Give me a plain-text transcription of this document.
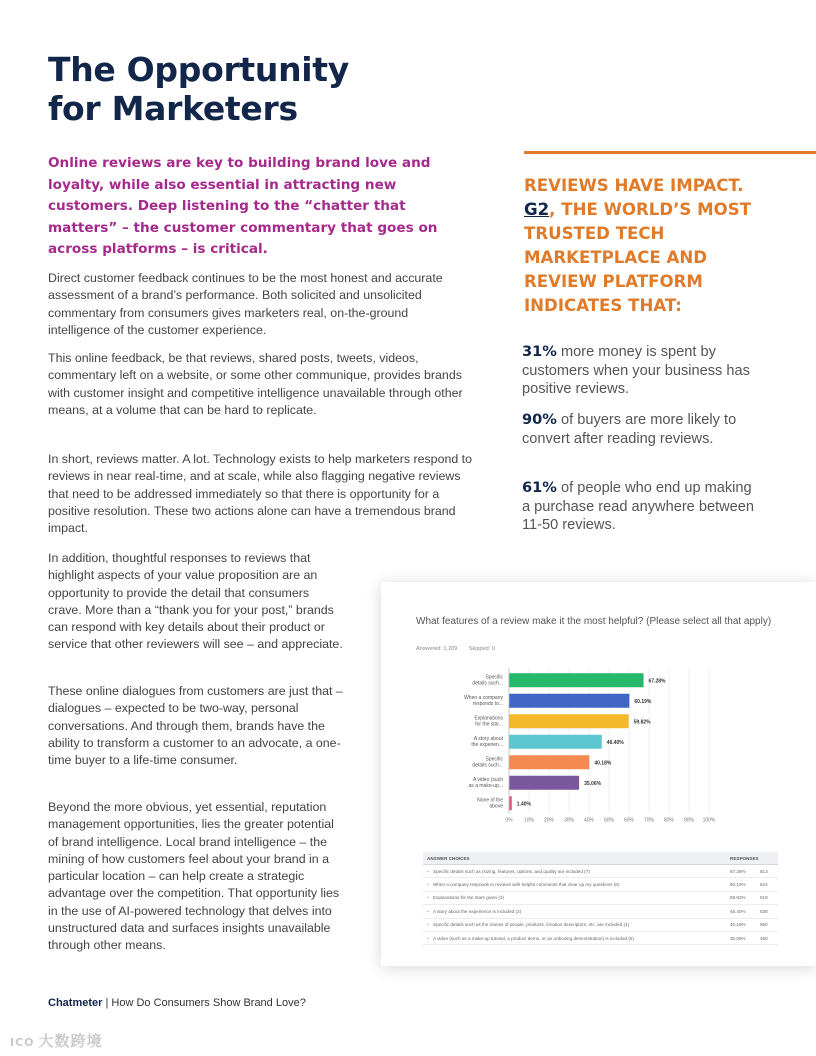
The Opportunity
for Marketers

Online reviews are key to building brand love and loyalty, while also essential in attracting new customers. Deep listening to the “chatter that matters” – the customer commentary that goes on across platforms – is critical.

Direct customer feedback continues to be the most honest and accurate assessment of a brand’s performance. Both solicited and unsolicited commentary from consumers gives marketers real, on-the-ground intelligence of the customer experience.

This online feedback, be that reviews, shared posts, tweets, videos, commentary left on a website, or some other communique, provides brands with customer insight and competitive intelligence unavailable through other means, at a volume that can be hard to replicate.

In short, reviews matter. A lot. Technology exists to help marketers respond to reviews in near real-time, and at scale, while also flagging negative reviews that need to be addressed immediately so that there is opportunity for a positive resolution. These two actions alone can have a tremendous brand impact.

In addition, thoughtful responses to reviews that highlight aspects of your value proposition are an opportunity to provide the detail that consumers crave. More than a “thank you for your post,” brands can respond with key details about their product or service that other reviewers will see – and appreciate.

These online dialogues from customers are just that – dialogues – expected to be two-way, personal conversations. And through them, brands have the ability to transform a customer to an advocate, a one-time buyer to a life-time consumer.

Beyond the more obvious, yet essential, reputation management opportunities, lies the greater potential of brand intelligence. Local brand intelligence – the mining of how customers feel about your brand in a particular location – can help create a strategic advantage over the competition. That opportunity lies in the use of AI-powered technology that delves into unstructured data and surfaces insights unavailable through other means.

REVIEWS HAVE IMPACT.
G2, THE WORLD’S MOST TRUSTED TECH MARKETPLACE AND REVIEW PLATFORM INDICATES THAT:

31% more money is spent by customers when your business has positive reviews.

90% of buyers are more likely to convert after reading reviews.

61% of people who end up making a purchase read anywhere between 11-50 reviews.

What features of a review make it the most helpful? (Please select all that apply)
Answered: 1,209 Skipped: 0
0% 10% 20% 30% 40% 50% 60% 70% 80% 90% 100%
Specific
details such...	67.28%
When a company
responds to...	60.19%
Explanations
for the star...	59.82%
A story about
the experien...	46.40%
Specific
details such...	40.18%
A video (such
as a make-up...	35.06%
None of the
above	1.40%
ANSWER CHOICES	RESPONSES
• Specific details such as (sizing, features, options, and quality are included (7)	67.28%	813
• When a company responds to reviews with helpful comments that clear up my questions (6)	60.19%	624
• Explanations for the stars given (3)	59.82%	619
• A story about the experience is included (2)	46.40%	538
• Specific details such as the names of people, products, location descriptors, etc. are included (4)	40.18%	550
• A video (such as a make-up tutorial, a product demo, or an unboxing demonstration) is included (5)	35.06%	480
Chatmeter | How Do Consumers Show Brand Love?
ICO 大数跨境
